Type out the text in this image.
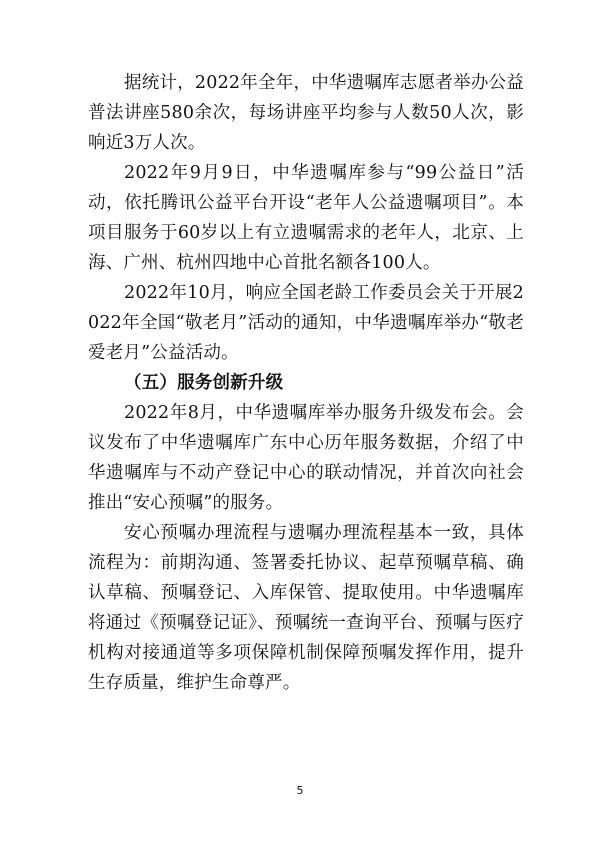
据统计，2022年全年，中华遗嘱库志愿者举办公益普法讲座580余次，每场讲座平均参与人数50人次，影响近3万人次。

2022年9月9日，中华遗嘱库参与“99公益日”活动，依托腾讯公益平台开设“老年人公益遗嘱项目”。本项目服务于60岁以上有立遗嘱需求的老年人，北京、上海、广州、杭州四地中心首批名额各100人。

2022年10月，响应全国老龄工作委员会关于开展2022年全国“敬老月”活动的通知，中华遗嘱库举办“敬老爱老月”公益活动。

（五）服务创新升级

2022年8月，中华遗嘱库举办服务升级发布会。会议发布了中华遗嘱库广东中心历年服务数据，介绍了中华遗嘱库与不动产登记中心的联动情况，并首次向社会推出“安心预嘱”的服务。

安心预嘱办理流程与遗嘱办理流程基本一致，具体流程为：前期沟通、签署委托协议、起草预嘱草稿、确认草稿、预嘱登记、入库保管、提取使用。中华遗嘱库将通过《预嘱登记证》、预嘱统一查询平台、预嘱与医疗机构对接通道等多项保障机制保障预嘱发挥作用，提升生存质量，维护生命尊严。

5
